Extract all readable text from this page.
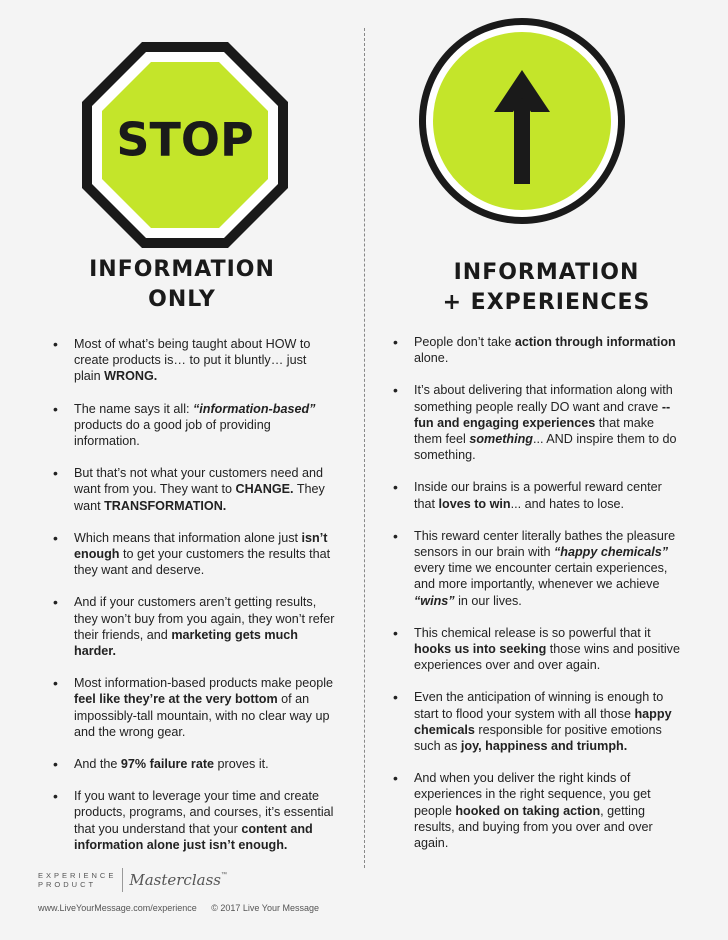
STOP
INFORMATION
ONLY
• Most of what’s being taught about HOW to create products is… to put it bluntly… just plain WRONG.
• The name says it all: “information-based” products do a good job of providing information.
• But that’s not what your customers need and want from you. They want to CHANGE. They want TRANSFORMATION.
• Which means that information alone just isn’t enough to get your customers the results that they want and deserve.
• And if your customers aren’t getting results, they won’t buy from you again, they won’t refer their friends, and marketing gets much harder.
• Most information-based products make people feel like they’re at the very bottom of an impossibly-tall mountain, with no clear way up and the wrong gear.
• And the 97% failure rate proves it.
• If you want to leverage your time and create products, programs, and courses, it’s essential that you understand that your content and information alone just isn’t enough.
INFORMATION
+ EXPERIENCES
• People don’t take action through information alone.
• It’s about delivering that information along with something people really DO want and crave -- fun and engaging experiences that make them feel something... AND inspire them to do something.
• Inside our brains is a powerful reward center that loves to win... and hates to lose.
• This reward center literally bathes the pleasure sensors in our brain with “happy chemicals” every time we encounter certain experiences, and more importantly, whenever we achieve “wins” in our lives.
• This chemical release is so powerful that it hooks us into seeking those wins and positive experiences over and over again.
• Even the anticipation of winning is enough to start to flood your system with all those happy chemicals responsible for positive emotions such as joy, happiness and triumph.
• And when you deliver the right kinds of experiences in the right sequence, you get people hooked on taking action, getting results, and buying from you over and over again.
EXPERIENCE
PRODUCT	Masterclass ™
www.LiveYourMessage.com/experience © 2017 Live Your Message
